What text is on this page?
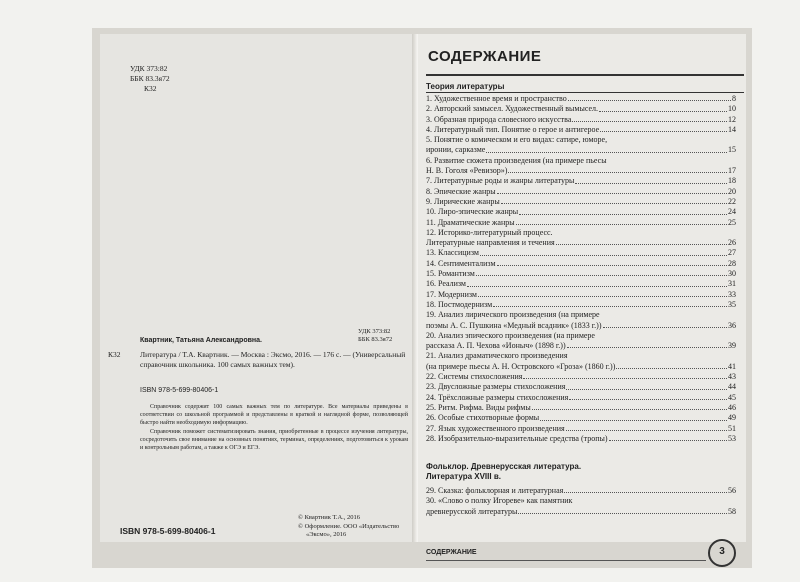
УДК 373:82
ББК 83.3я72
К32
Квартник, Татьяна Александровна.
К32	Литература / Т.А. Квартник. — Москва : Эксмо, 2016. — 176 с. — (Универсальный справочник школьника. 100 самых важных тем).
ISBN 978-5-699-80406-1

Справочник содержит 100 самых важных тем по литературе. Все материалы приведены в соответствии со школьной программой и представлены в краткой и наглядной форме, позволяющей быстро найти необходимую информацию.

Справочник поможет систематизировать знания, приобретенные в процессе изучения литературы, сосредоточить свое внимание на основных понятиях, терминах, определениях, подготовиться к урокам и контрольным работам, а также к ОГЭ и ЕГЭ.

УДК 373:82
ББК 83.3я72
ISBN 978-5-699-80406-1
© Квартник Т.А., 2016
© Оформление. ООО «Издательство
«Эксмо», 2016
СОДЕРЖАНИЕ
Теория литературы
1. Художественное время и пространство	8
2. Авторский замысел. Художественный вымысел.	10
3. Образная природа словесного искусства	12
4. Литературный тип. Понятие о герое и антигерое	14
5. Понятие о комическом и его видах: сатире, юморе,
иронии, сарказме	15
6. Развитие сюжета произведения (на примере пьесы
Н. В. Гоголя «Ревизор»)	17
7. Литературные роды и жанры литературы	18
8. Эпические жанры	20
9. Лирические жанры	22
10. Лиро-эпические жанры	24
11. Драматические жанры	25
12. Историко-литературный процесс.
Литературные направления и течения	26
13. Классицизм	27
14. Сентиментализм	28
15. Романтизм	30
16. Реализм	31
17. Модернизм	33
18. Постмодернизм	35
19. Анализ лирического произведения (на примере
поэмы А. С. Пушкина «Медный всадник» (1833 г.))	36
20. Анализ эпического произведения (на примере
рассказа А. П. Чехова «Ионыч» (1898 г.))	39
21. Анализ драматического произведения
(на примере пьесы А. Н. Островского «Гроза» (1860 г.))	41
22. Системы стихосложения	43
23. Двусложные размеры стихосложения	44
24. Трёхсложные размеры стихосложения	45
25. Ритм. Рифма. Виды рифмы	46
26. Особые стихотворные формы	49
27. Язык художественного произведения	51
28. Изобразительно-выразительные средства (тропы)	53
Фольклор. Древнерусская литература.
Литература XVIII в.
29. Сказка: фольклорная и литературная	56
30. «Слово о полку Игореве» как памятник
древнерусской литературы	58
СОДЕРЖАНИЕ	3
